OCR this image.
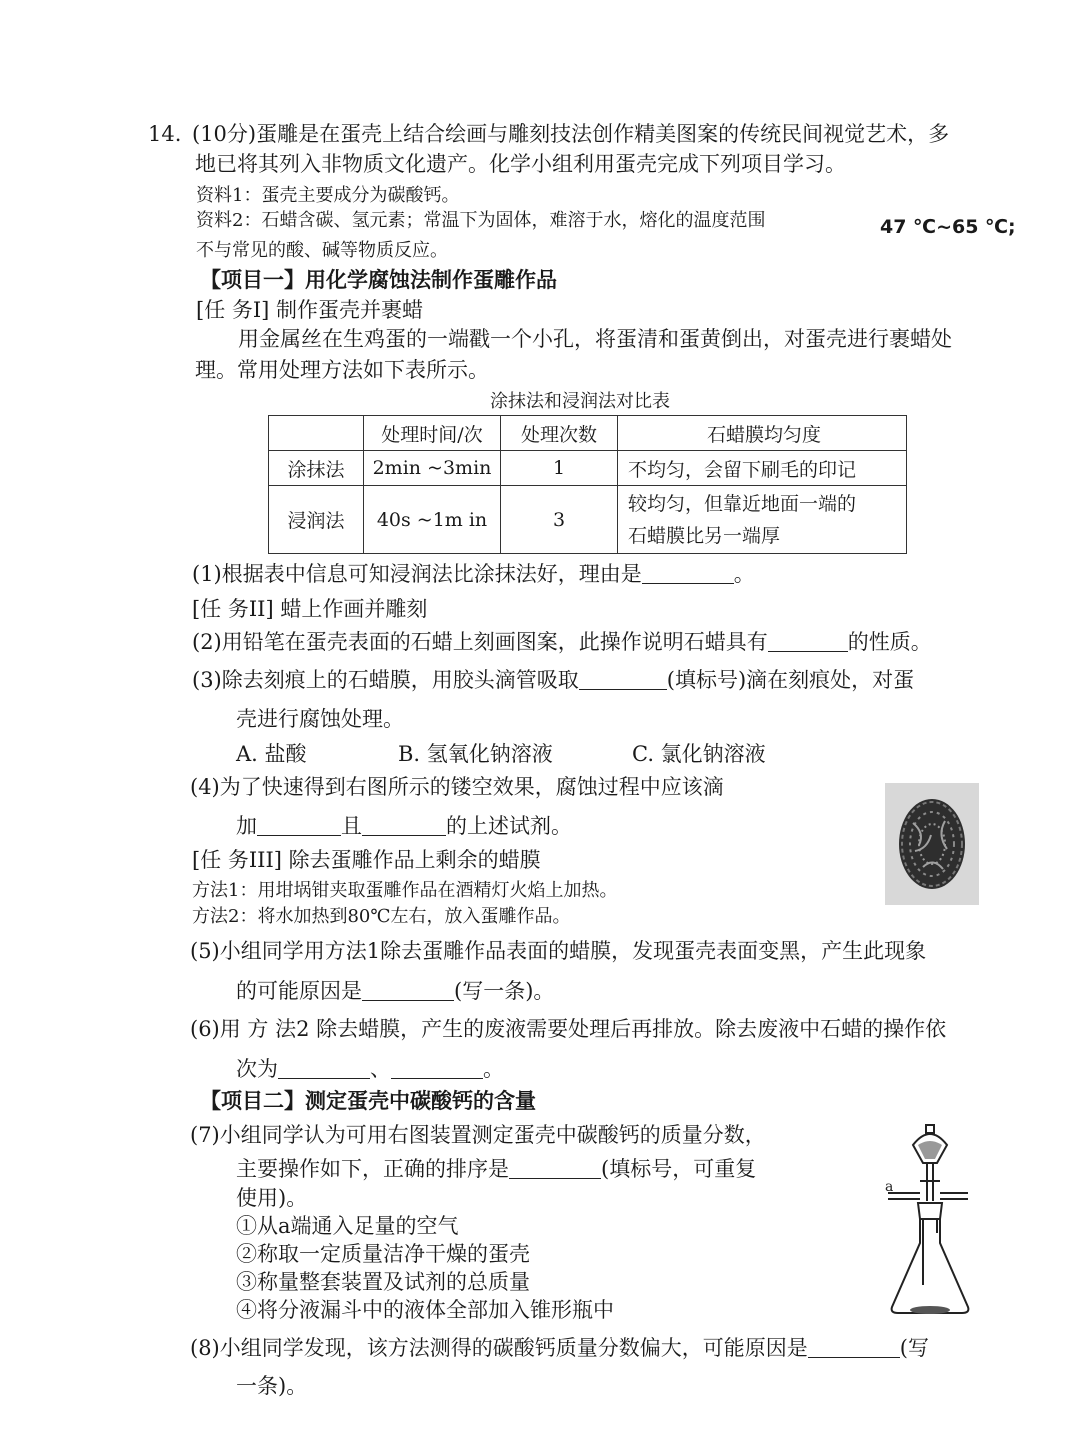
14. (10分)蛋雕是在蛋壳上结合绘画与雕刻技法创作精美图案的传统民间视觉艺术，多
地已将其列入非物质文化遗产。化学小组利用蛋壳完成下列项目学习。
资料1：蛋壳主要成分为碳酸钙。
资料2：石蜡含碳、氢元素；常温下为固体，难溶于水，熔化的温度范围	47 ℃~65 ℃;
不与常见的酸、碱等物质反应。
【项目一】用化学腐蚀法制作蛋雕作品
[任 务I] 制作蛋壳并裹蜡
用金属丝在生鸡蛋的一端戳一个小孔，将蛋清和蛋黄倒出，对蛋壳进行裹蜡处
理。常用处理方法如下表所示。
涂抹法和浸润法对比表
	处理时间/次	处理次数	石蜡膜均匀度
涂抹法	2min ~3min	1	不均匀，会留下刷毛的印记
浸润法	40s ~1m in	3	较均匀，但靠近地面一端的
石蜡膜比另一端厚
(1)根据表中信息可知浸润法比涂抹法好，理由是	。
[任 务II] 蜡上作画并雕刻
(2)用铅笔在蛋壳表面的石蜡上刻画图案，此操作说明石蜡具有	的性质。
(3)除去刻痕上的石蜡膜，用胶头滴管吸取	(填标号)滴在刻痕处，对蛋
壳进行腐蚀处理。
A. 盐酸	B. 氢氧化钠溶液	C. 氯化钠溶液
(4)为了快速得到右图所示的镂空效果，腐蚀过程中应该滴
加	且	的上述试剂。
[任 务III] 除去蛋雕作品上剩余的蜡膜
方法1：用坩埚钳夹取蛋雕作品在酒精灯火焰上加热。
方法2：将水加热到80℃左右，放入蛋雕作品。
(5)小组同学用方法1除去蛋雕作品表面的蜡膜，发现蛋壳表面变黑，产生此现象
的可能原因是	(写一条)。
(6)用 方 法2 除去蜡膜，产生的废液需要处理后再排放。除去废液中石蜡的操作依
次为	、	。
【项目二】测定蛋壳中碳酸钙的含量
(7)小组同学认为可用右图装置测定蛋壳中碳酸钙的质量分数，
主要操作如下，正确的排序是	(填标号，可重复
使用)。
①从a端通入足量的空气
②称取一定质量洁净干燥的蛋壳
③称量整套装置及试剂的总质量
④将分液漏斗中的液体全部加入锥形瓶中
a
(8)小组同学发现，该方法测得的碳酸钙质量分数偏大，可能原因是	(写
一条)。
